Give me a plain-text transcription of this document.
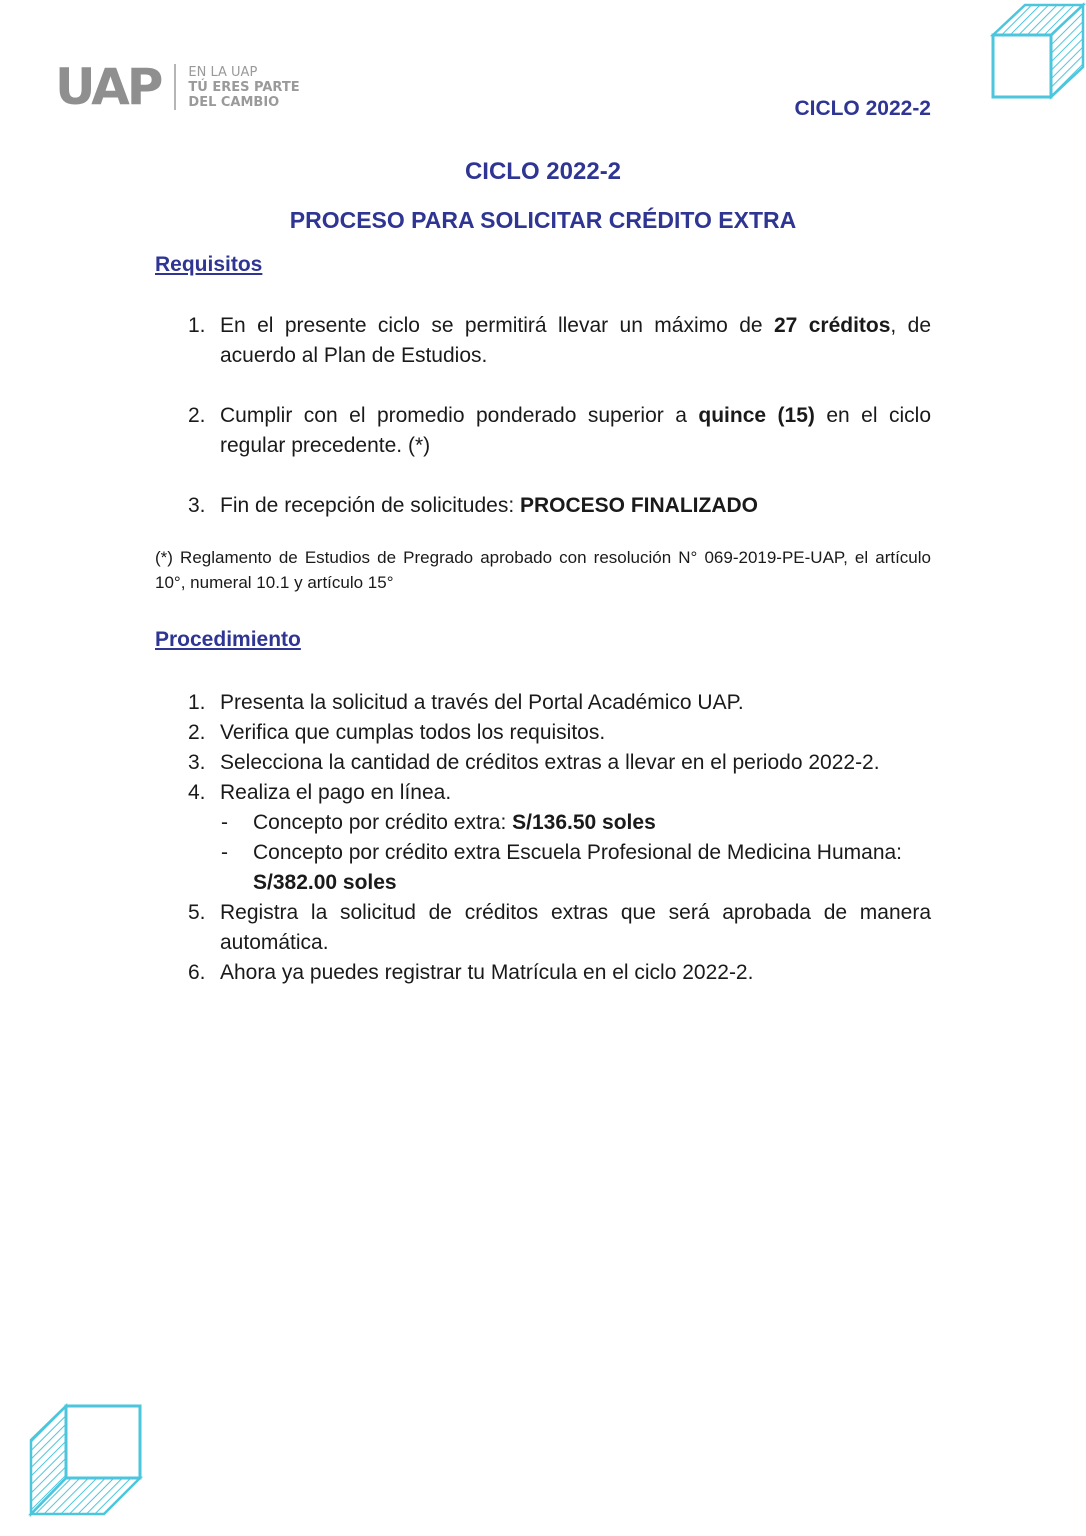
UAP EN LA UAP
TÚ ERES PARTE
DEL CAMBIO	CICLO 2022-2
CICLO 2022-2
PROCESO PARA SOLICITAR CRÉDITO EXTRA
Requisitos
1. En el presente ciclo se permitirá llevar un máximo de 27 créditos, de acuerdo al Plan de Estudios.
2. Cumplir con el promedio ponderado superior a quince (15) en el ciclo regular precedente. (*)
3. Fin de recepción de solicitudes: PROCESO FINALIZADO
(*) Reglamento de Estudios de Pregrado aprobado con resolución N° 069-2019-PE-UAP, el artículo 10°, numeral 10.1 y artículo 15°
Procedimiento
1. Presenta la solicitud a través del Portal Académico UAP.
2. Verifica que cumplas todos los requisitos.
3. Selecciona la cantidad de créditos extras a llevar en el periodo 2022-2.
4. Realiza el pago en línea.
- Concepto por crédito extra: S/136.50 soles
- Concepto por crédito extra Escuela Profesional de Medicina Humana: S/382.00 soles
5. Registra la solicitud de créditos extras que será aprobada de manera automática.
6. Ahora ya puedes registrar tu Matrícula en el ciclo 2022-2.
